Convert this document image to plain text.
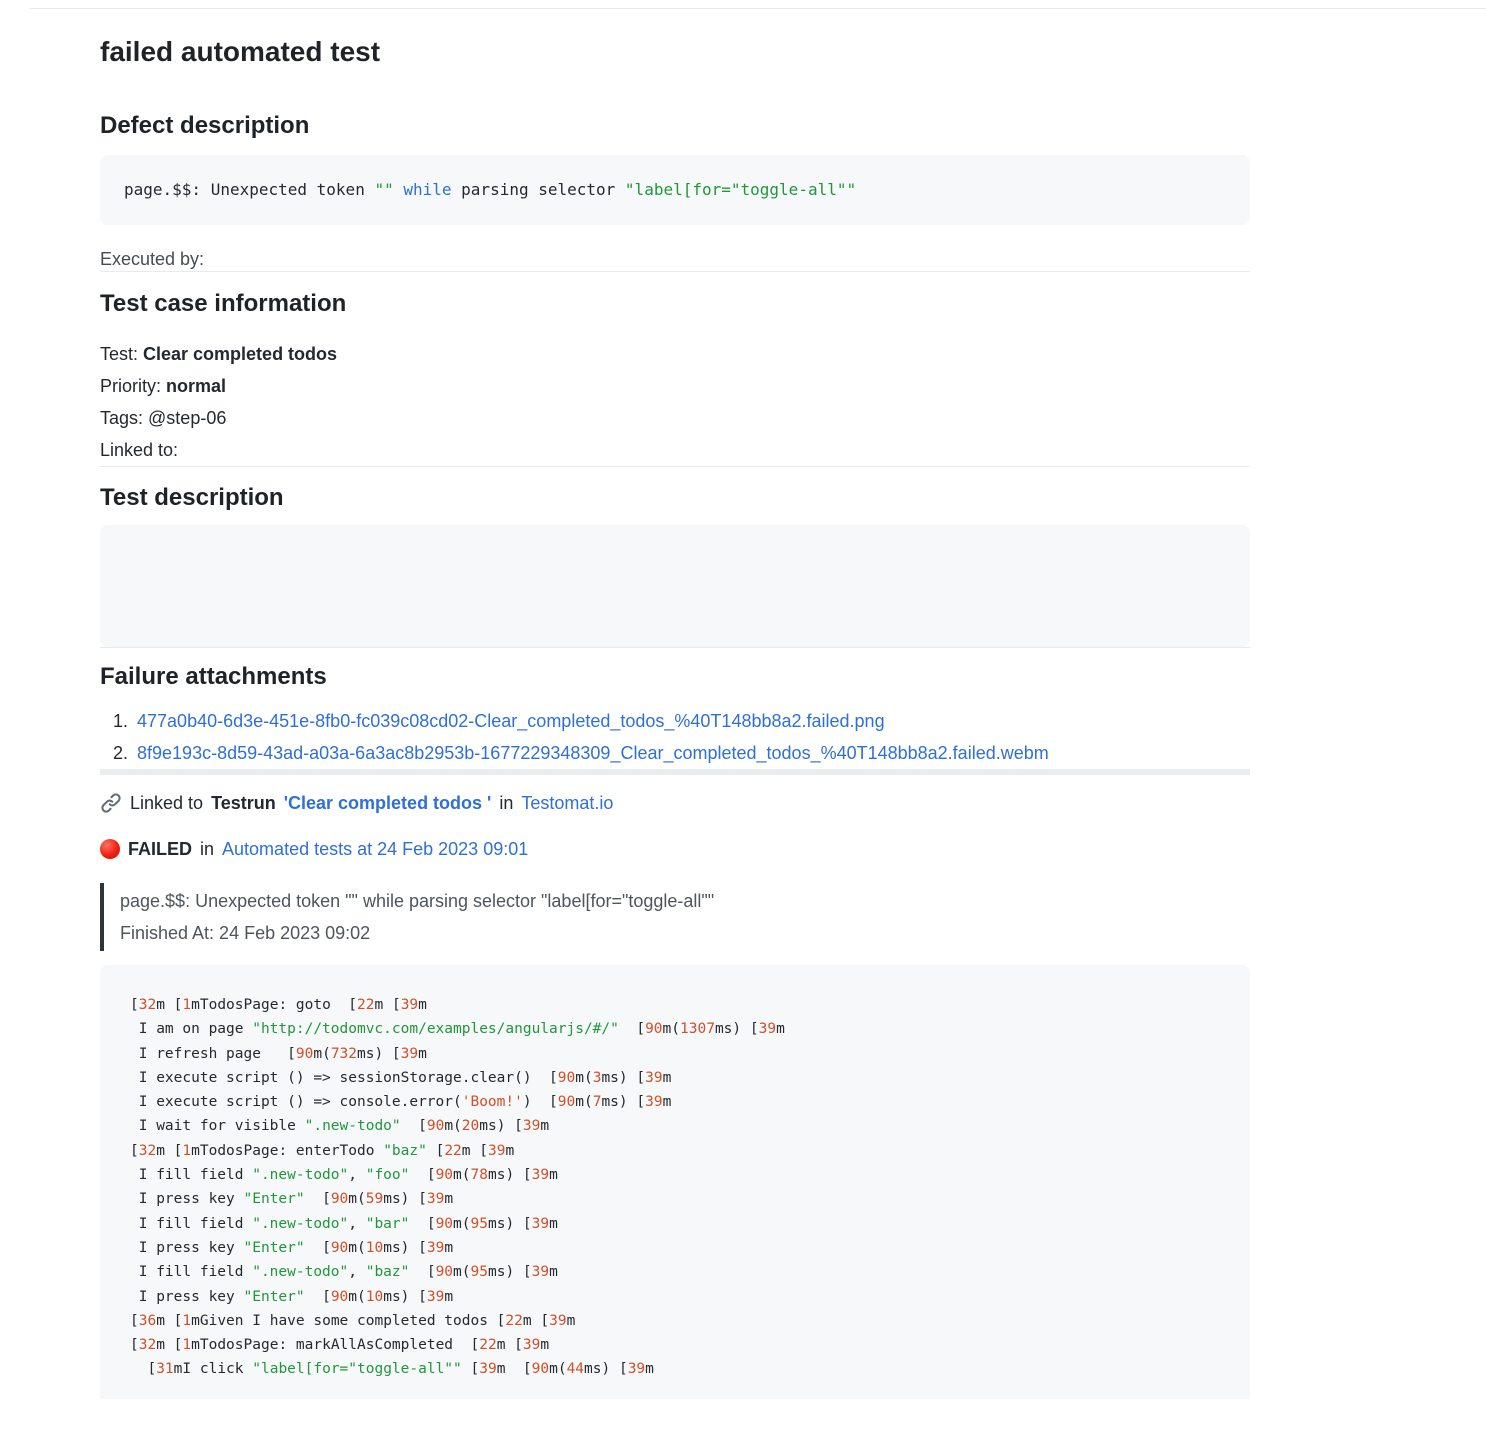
failed automated test
Defect description
page.$$: Unexpected token "" while parsing selector "label[for="toggle-all""

Executed by:

Test case information

Test: Clear completed todos
Priority: normal
Tags: @step-06
Linked to:

Test description
Failure attachments
1. 477a0b40-6d3e-451e-8fb0-fc039c08cd02-Clear_completed_todos_%40T148bb8a2.failed.png
2. 8f9e193c-8d59-43ad-a03a-6a3ac8b2953b-1677229348309_Clear_completed_todos_%40T148bb8a2.failed.webm

Linked to Testrun 'Clear completed todos ' in Testomat.io

FAILED in Automated tests at 24 Feb 2023 09:01

page.$$: Unexpected token "" while parsing selector "label[for="toggle-all""
Finished At: 24 Feb 2023 09:02
[32m [1mTodosPage: goto  [22m [39m
I am on page "http://todomvc.com/examples/angularjs/#/"  [90m(1307ms) [39m
I refresh page   [90m(732ms) [39m
I execute script () => sessionStorage.clear()  [90m(3ms) [39m
I execute script () => console.error('Boom!')  [90m(7ms) [39m
I wait for visible ".new-todo"  [90m(20ms) [39m
[32m [1mTodosPage: enterTodo "baz" [22m [39m
I fill field ".new-todo", "foo"  [90m(78ms) [39m
I press key "Enter"  [90m(59ms) [39m
I fill field ".new-todo", "bar"  [90m(95ms) [39m
I press key "Enter"  [90m(10ms) [39m
I fill field ".new-todo", "baz"  [90m(95ms) [39m
I press key "Enter"  [90m(10ms) [39m
[36m [1mGiven I have some completed todos [22m [39m
[32m [1mTodosPage: markAllAsCompleted  [22m [39m
[31mI click "label[for="toggle-all"" [39m  [90m(44ms) [39m
